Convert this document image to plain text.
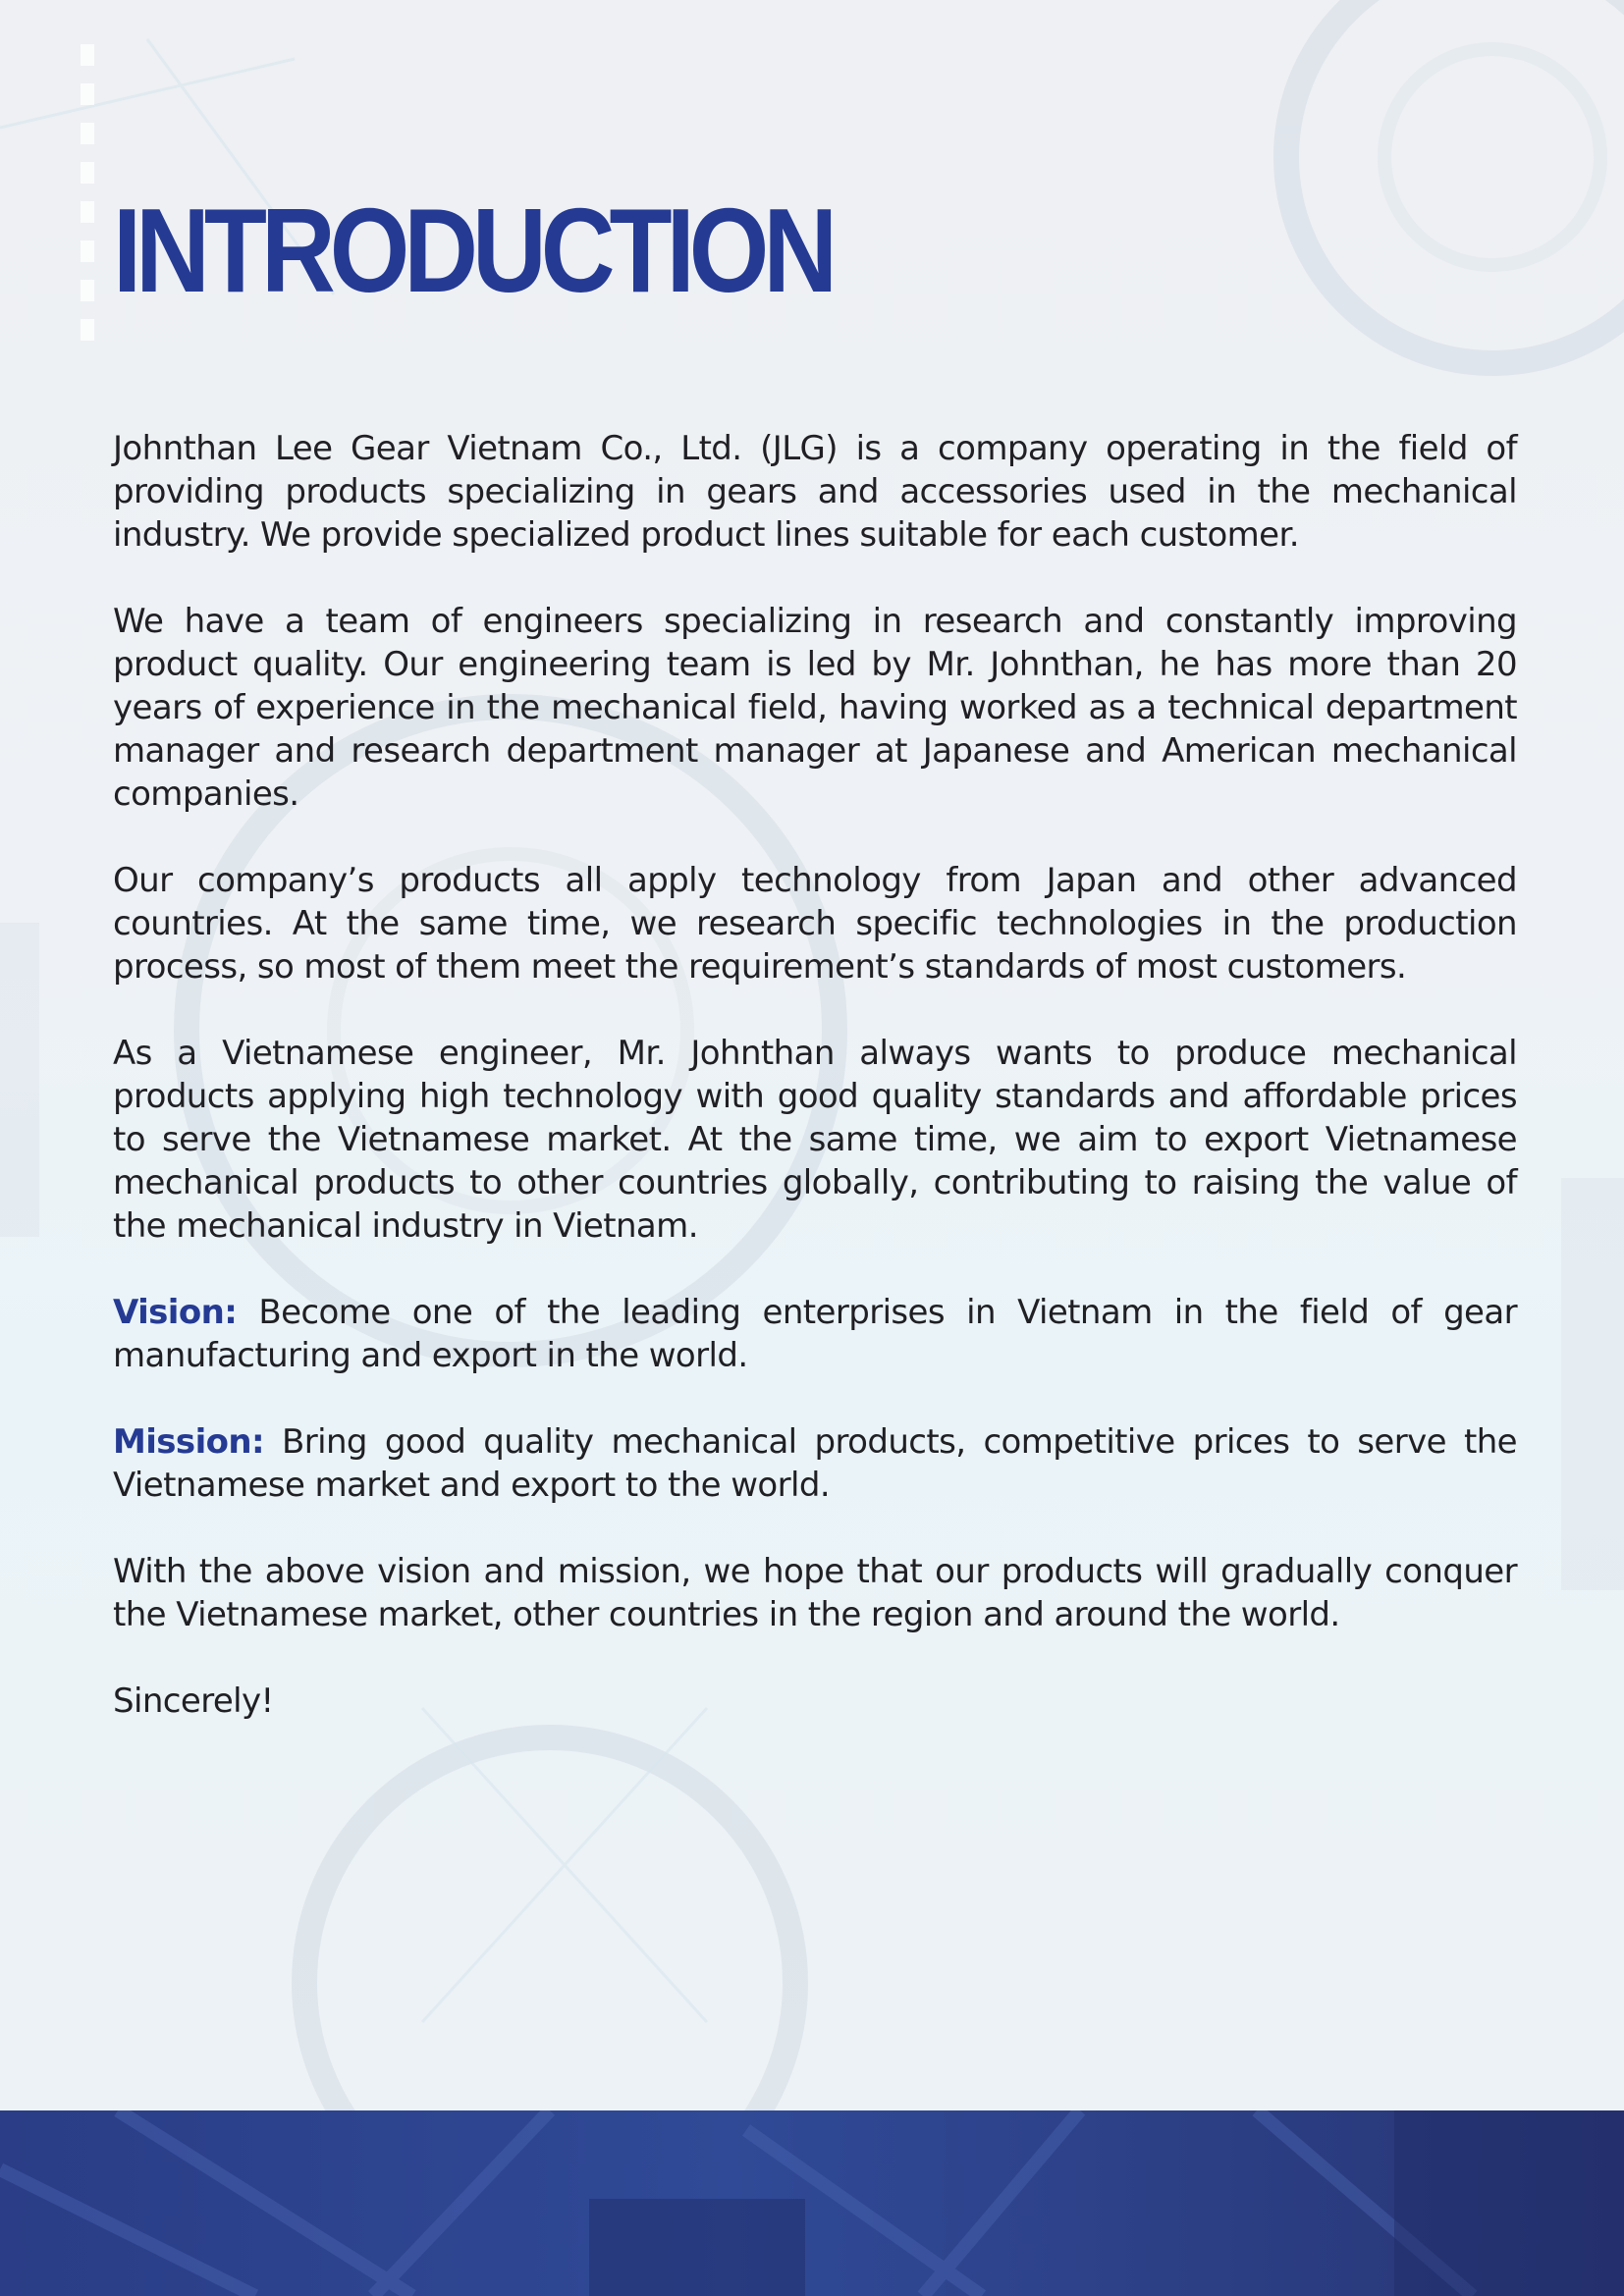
INTRODUCTION

Johnthan Lee Gear Vietnam Co., Ltd. (JLG) is a company operating in the field of providing products specializing in gears and accessories used in the mechanical industry. We provide specialized product lines suitable for each customer.

We have a team of engineers specializing in research and constantly improving product quality. Our engineering team is led by Mr. Johnthan, he has more than 20 years of experience in the mechanical field, having worked as a technical department manager and research department manager at Japanese and American mechanical companies.

Our company’s products all apply technology from Japan and other advanced countries. At the same time, we research specific technologies in the production process, so most of them meet the requirement’s standards of most customers.

As a Vietnamese engineer, Mr. Johnthan always wants to produce mechanical products applying high technology with good quality standards and affordable prices to serve the Vietnamese market. At the same time, we aim to export Vietnamese mechanical products to other countries globally, contributing to raising the value of the mechanical industry in Vietnam.

Vision: Become one of the leading enterprises in Vietnam in the field of gear manufacturing and export in the world.

Mission: Bring good quality mechanical products, competitive prices to serve the Vietnamese market and export to the world.

With the above vision and mission, we hope that our products will gradually conquer the Vietnamese market, other countries in the region and around the world.

Sincerely!
